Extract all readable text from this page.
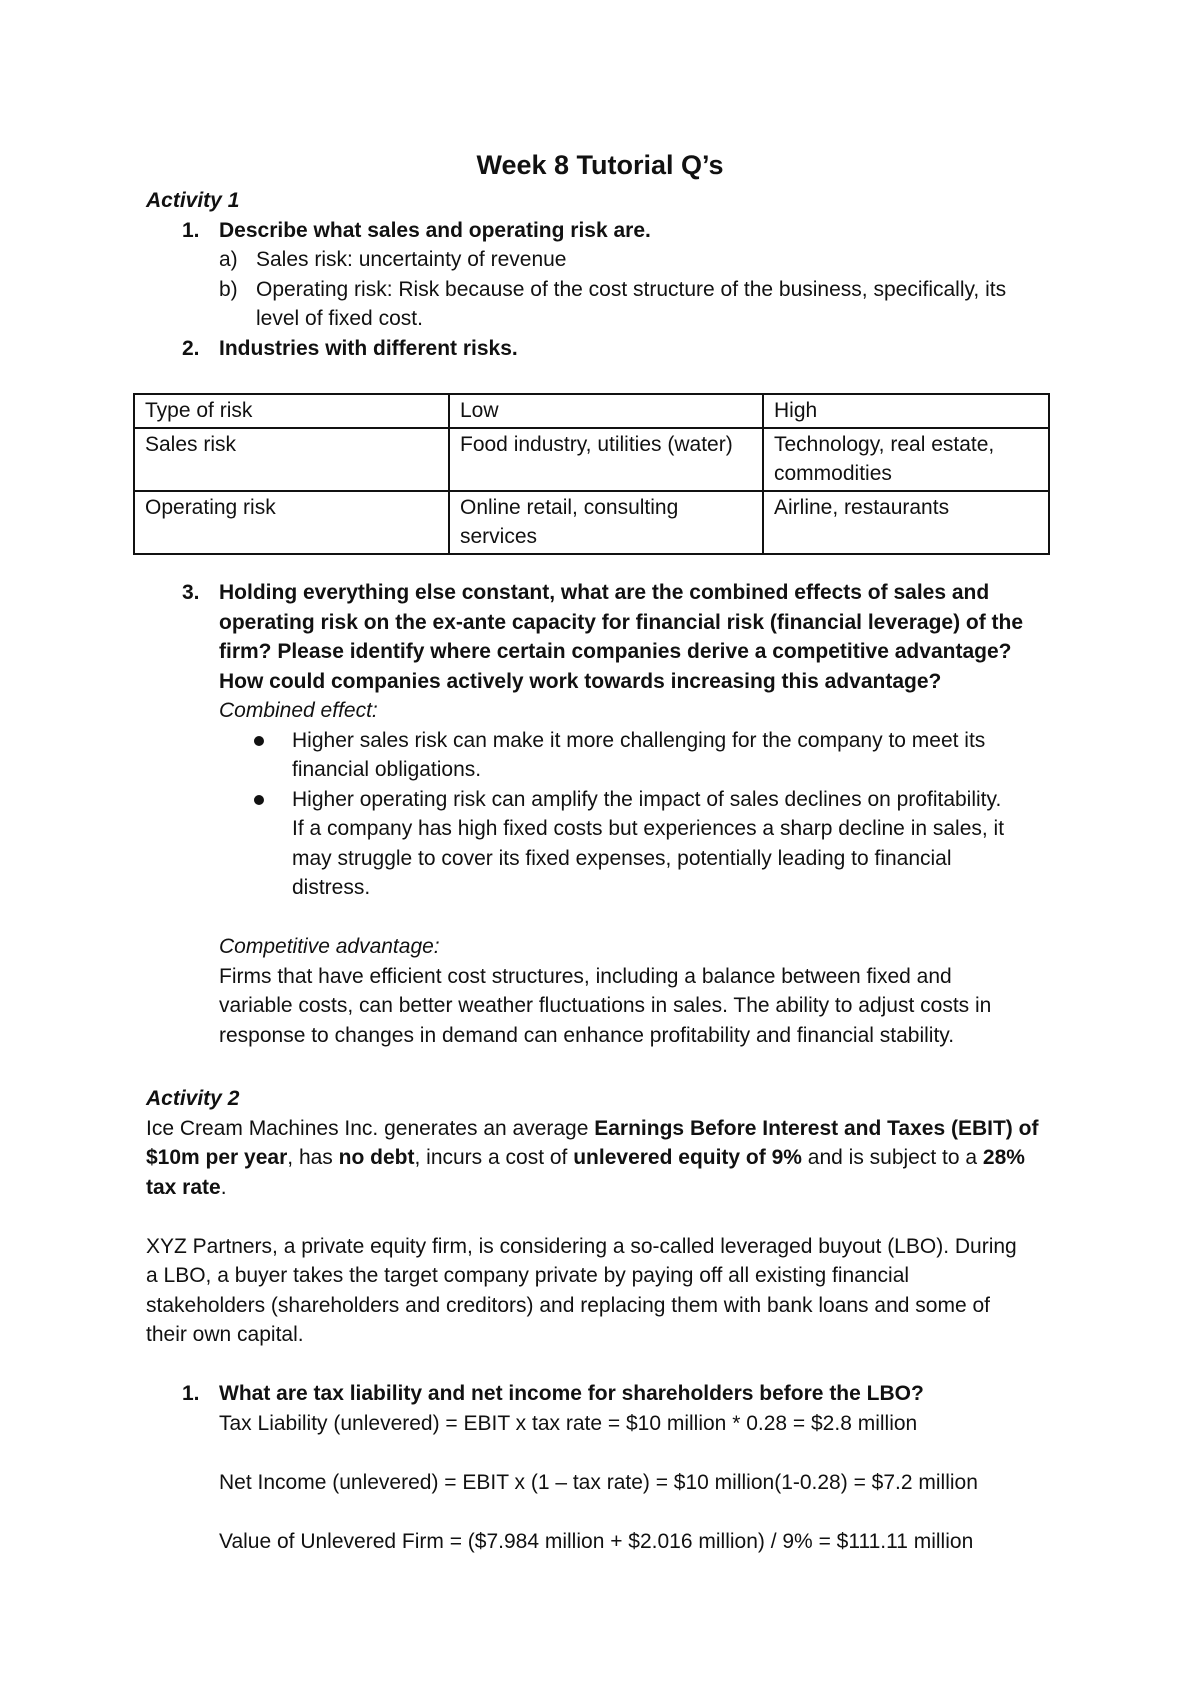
Week 8 Tutorial Q’s
Activity 1
1. Describe what sales and operating risk are.
a) Sales risk: uncertainty of revenue
b) Operating risk: Risk because of the cost structure of the business, specifically, its
level of fixed cost.
2. Industries with different risks.
Type of risk	Low	High
Sales risk	Food industry, utilities (water)	Technology, real estate, commodities
Operating risk	Online retail, consulting services	Airline, restaurants
3. Holding everything else constant, what are the combined effects of sales and
operating risk on the ex-ante capacity for financial risk (financial leverage) of the
firm? Please identify where certain companies derive a competitive advantage?
How could companies actively work towards increasing this advantage?
Combined effect:
Higher sales risk can make it more challenging for the company to meet its
financial obligations.
Higher operating risk can amplify the impact of sales declines on profitability.
If a company has high fixed costs but experiences a sharp decline in sales, it
may struggle to cover its fixed expenses, potentially leading to financial
distress.
Competitive advantage:
Firms that have efficient cost structures, including a balance between fixed and
variable costs, can better weather fluctuations in sales. The ability to adjust costs in
response to changes in demand can enhance profitability and financial stability.
Activity 2
Ice Cream Machines Inc. generates an average Earnings Before Interest and Taxes (EBIT) of
$10m per year, has no debt, incurs a cost of unlevered equity of 9% and is subject to a 28%
tax rate.
XYZ Partners, a private equity firm, is considering a so-called leveraged buyout (LBO). During
a LBO, a buyer takes the target company private by paying off all existing financial
stakeholders (shareholders and creditors) and replacing them with bank loans and some of
their own capital.
1. What are tax liability and net income for shareholders before the LBO?
Tax Liability (unlevered) = EBIT x tax rate = $10 million * 0.28 = $2.8 million
Net Income (unlevered) = EBIT x (1 – tax rate) = $10 million(1-0.28) = $7.2 million
Value of Unlevered Firm = ($7.984 million + $2.016 million) / 9% = $111.11 million
